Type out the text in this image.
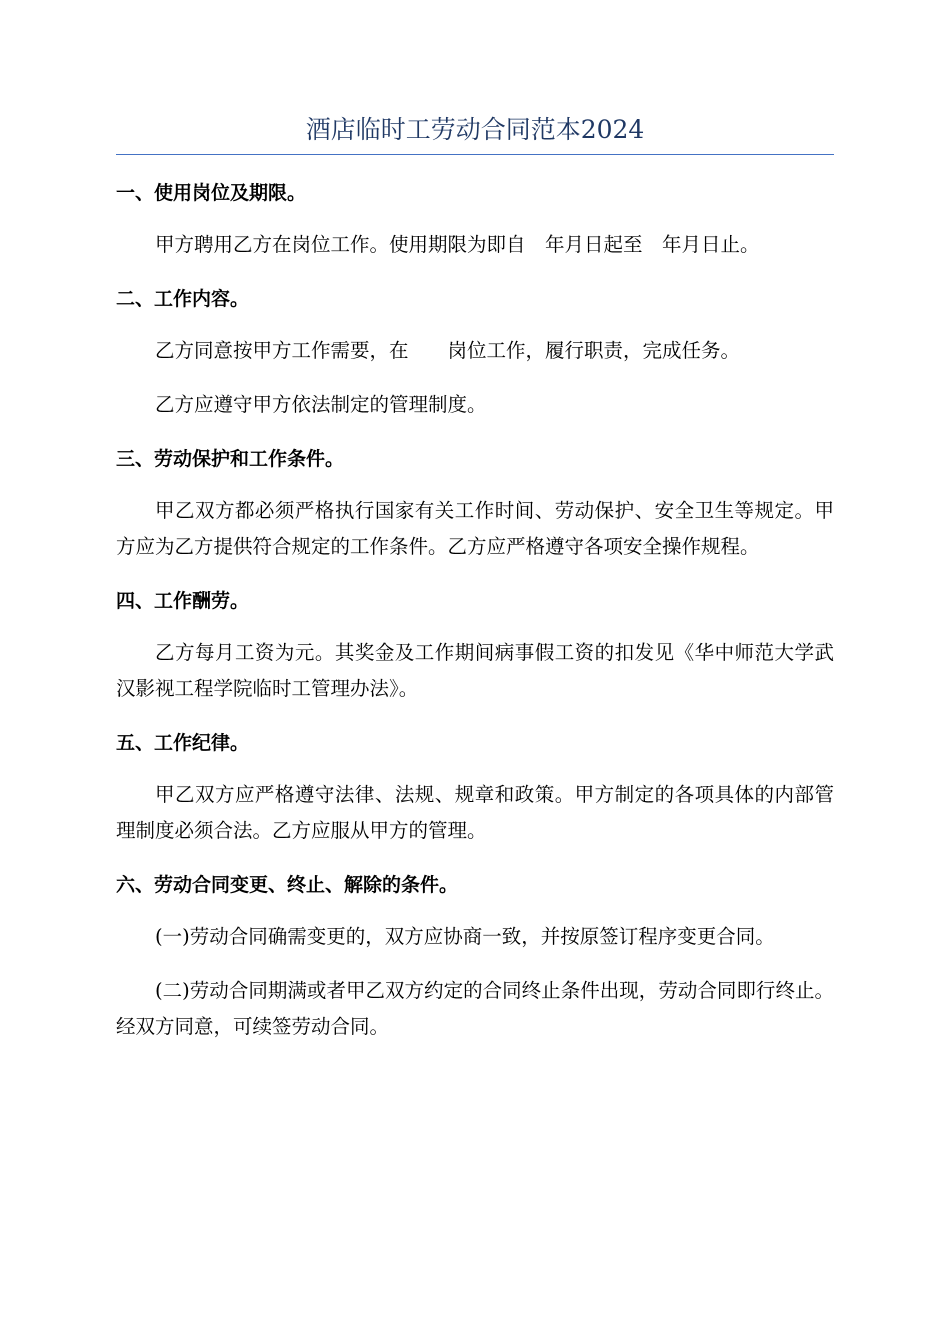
酒店临时工劳动合同范本2024
一、使用岗位及期限。

甲方聘用乙方在岗位工作。使用期限为即自　年月日起至　年月日止。

二、工作内容。

乙方同意按甲方工作需要，在　　岗位工作，履行职责，完成任务。

乙方应遵守甲方依法制定的管理制度。

三、劳动保护和工作条件。

甲乙双方都必须严格执行国家有关工作时间、劳动保护、安全卫生等规定。甲方应为乙方提供符合规定的工作条件。乙方应严格遵守各项安全操作规程。

四、工作酬劳。

乙方每月工资为元。其奖金及工作期间病事假工资的扣发见《华中师范大学武汉影视工程学院临时工管理办法》。

五、工作纪律。

甲乙双方应严格遵守法律、法规、规章和政策。甲方制定的各项具体的内部管理制度必须合法。乙方应服从甲方的管理。

六、劳动合同变更、终止、解除的条件。

(一)劳动合同确需变更的，双方应协商一致，并按原签订程序变更合同。

(二)劳动合同期满或者甲乙双方约定的合同终止条件出现，劳动合同即行终止。经双方同意，可续签劳动合同。
